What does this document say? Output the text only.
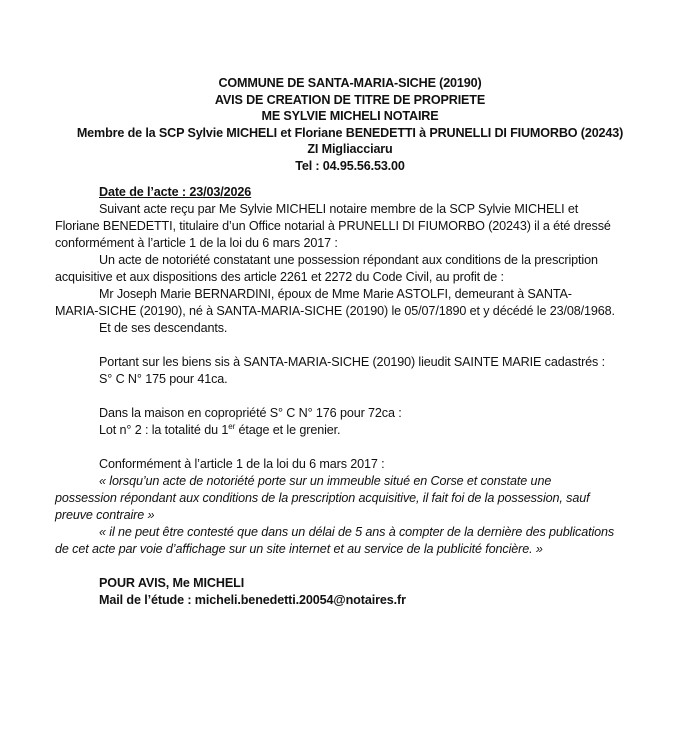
COMMUNE DE SANTA-MARIA-SICHE (20190)
AVIS DE CREATION DE TITRE DE PROPRIETE
ME SYLVIE MICHELI NOTAIRE
Membre de la SCP Sylvie MICHELI et Floriane BENEDETTI à PRUNELLI DI FIUMORBO (20243)
ZI Migliacciaru
Tel : 04.95.56.53.00
Date de l’acte : 23/03/2026
Suivant acte reçu par Me Sylvie MICHELI notaire membre de la SCP Sylvie MICHELI et
Floriane BENEDETTI, titulaire d’un Office notarial à PRUNELLI DI FIUMORBO (20243) il a été dressé
conformément à l’article 1 de la loi du 6 mars 2017 :
Un acte de notoriété constatant une possession répondant aux conditions de la prescription
acquisitive et aux dispositions des article 2261 et 2272 du Code Civil, au profit de :
Mr Joseph Marie BERNARDINI, époux de Mme Marie ASTOLFI, demeurant à SANTA-
MARIA-SICHE (20190), né à SANTA-MARIA-SICHE (20190) le 05/07/1890 et y décédé le 23/08/1968.
Et de ses descendants.
Portant sur les biens sis à SANTA-MARIA-SICHE (20190) lieudit SAINTE MARIE cadastrés :
S° C N° 175 pour 41ca.
Dans la maison en copropriété S° C N° 176 pour 72ca :
Lot n° 2 : la totalité du 1er étage et le grenier.
Conformément à l’article 1 de la loi du 6 mars 2017 :
« lorsqu’un acte de notoriété porte sur un immeuble situé en Corse et constate une
possession répondant aux conditions de la prescription acquisitive, il fait foi de la possession, sauf
preuve contraire »
« il ne peut être contesté que dans un délai de 5 ans à compter de la dernière des publications
de cet acte par voie d’affichage sur un site internet et au service de la publicité foncière. »
POUR AVIS, Me MICHELI
Mail de l’étude : micheli.benedetti.20054@notaires.fr
